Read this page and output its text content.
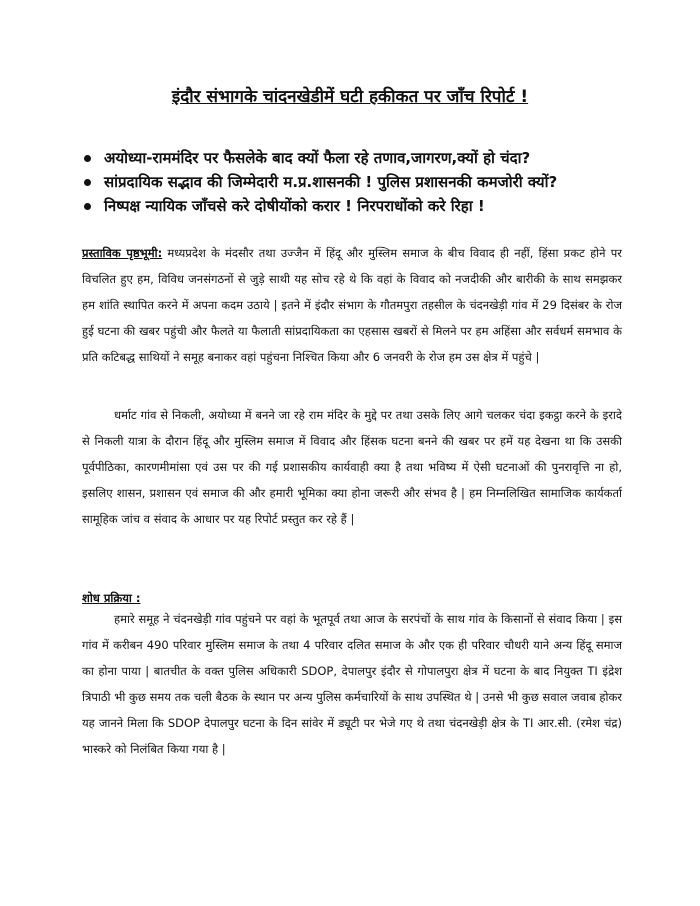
इंदौर संभागके चांदनखेडीमें घटी हकीकत पर जाँच रिपोर्ट !
अयोध्या-राममंदिर पर फैसलेके बाद क्यों फैला रहे तणाव,जागरण,क्यों हो चंदा?
सांप्रदायिक सद्भाव की जिम्मेदारी म.प्र.शासनकी ! पुलिस प्रशासनकी कमजोरी क्यों?
निष्पक्ष न्यायिक जाँचसे करे दोषीयोंको करार ! निरपराधोंको करे रिहा !

प्रस्ताविक पृष्ठभूमी: मध्यप्रदेश के मंदसौर तथा उज्जैन में हिंदू और मुस्लिम समाज के बीच विवाद ही नहीं, हिंसा प्रकट होने पर विचलित हुए हम, विविध जनसंगठनों से जुड़े साथी यह सोच रहे थे कि वहां के विवाद को नजदीकी और बारीकी के साथ समझकर हम शांति स्थापित करने में अपना कदम उठाये | इतने में इंदौर संभाग के गौतमपुरा तहसील के चंदनखेड़ी गांव में 29 दिसंबर के रोज हुई घटना की खबर पहुंची और फैलते या फैलाती सांप्रदायिकता का एहसास खबरों से मिलने पर हम अहिंसा और सर्वधर्म समभाव के प्रति कटिबद्ध साथियों ने समूह बनाकर वहां पहुंचना निश्चित किया और 6 जनवरी के रोज हम उस क्षेत्र में पहुंचे |

धर्माट गांव से निकली, अयोध्या में बनने जा रहे राम मंदिर के मुद्दे पर तथा उसके लिए आगे चलकर चंदा इकट्ठा करने के इरादे से निकली यात्रा के दौरान हिंदू और मुस्लिम समाज में विवाद और हिंसक घटना बनने की खबर पर हमें यह देखना था कि उसकी पूर्वपीठिका, कारणमीमांसा एवं उस पर की गई प्रशासकीय कार्यवाही क्या है तथा भविष्य में ऐसी घटनाओं की पुनरावृत्ति ना हो, इसलिए शासन, प्रशासन एवं समाज की और हमारी भूमिका क्या होना जरूरी और संभव है | हम निम्नलिखित सामाजिक कार्यकर्ता सामूहिक जांच व संवाद के आधार पर यह रिपोर्ट प्रस्तुत कर रहे हैं |

शोध प्रक्रिया :

हमारे समूह ने चंदनखेड़ी गांव पहुंचने पर वहां के भूतपूर्व तथा आज के सरपंचों के साथ गांव के किसानों से संवाद किया | इस गांव में करीबन 490 परिवार मुस्लिम समाज के तथा 4 परिवार दलित समाज के और एक ही परिवार चौधरी याने अन्य हिंदू समाज का होना पाया | बातचीत के वक्त पुलिस अधिकारी SDOP, देपालपुर इंदौर से गोपालपुरा क्षेत्र में घटना के बाद नियुक्त TI इंद्रेश त्रिपाठी भी कुछ समय तक चली बैठक के स्थान पर अन्य पुलिस कर्मचारियों के साथ उपस्थित थे | उनसे भी कुछ सवाल जवाब होकर यह जानने मिला कि SDOP देपालपुर घटना के दिन सांवेर में ड्यूटी पर भेजे गए थे तथा चंदनखेड़ी क्षेत्र के TI आर.सी. (रमेश चंद्र) भास्करे को निलंबित किया गया है |
